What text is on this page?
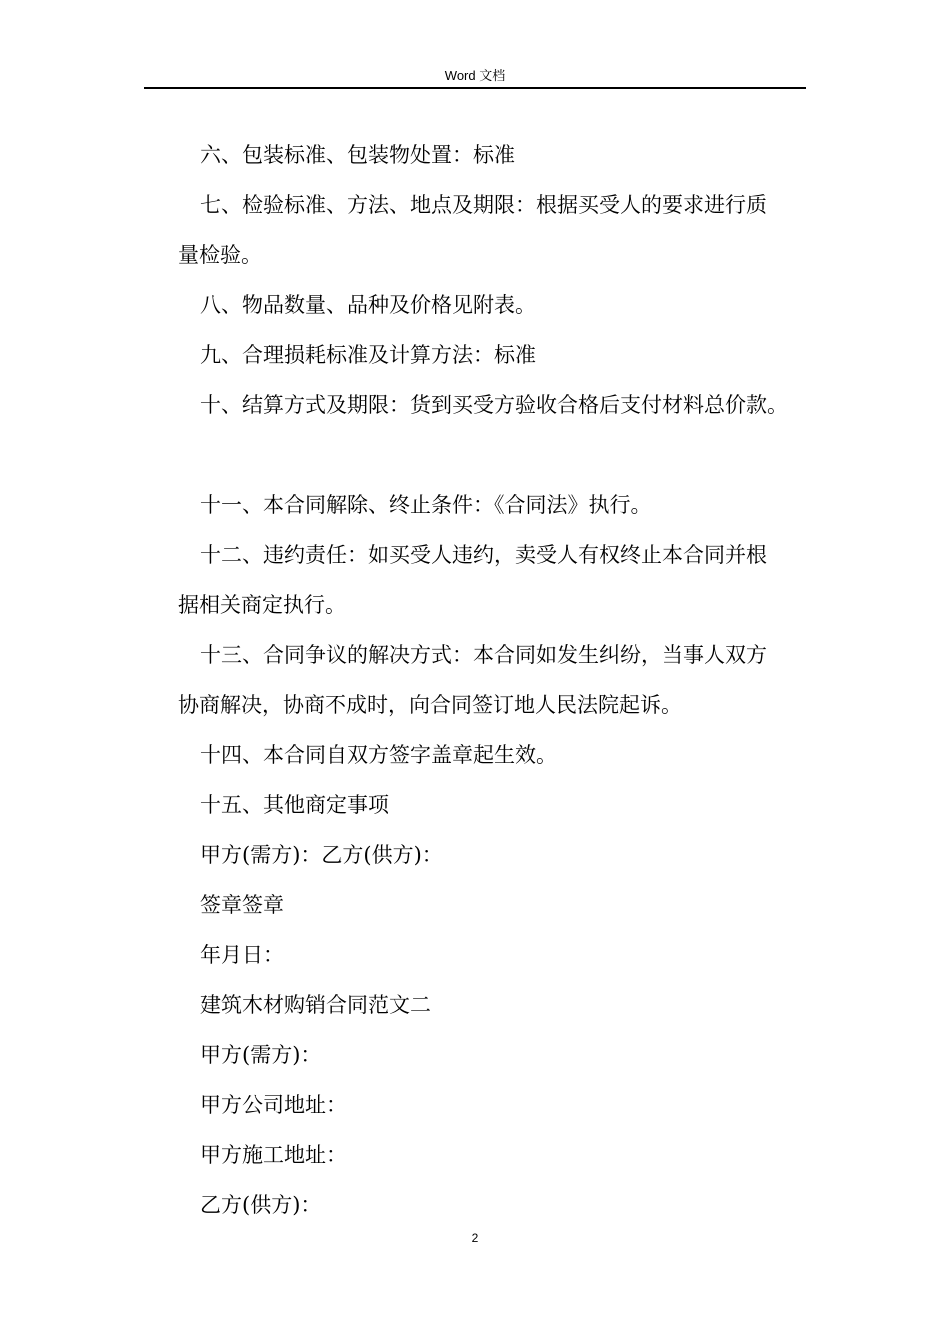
Word 文档

六、包装标准、包装物处置：标准

七、检验标准、方法、地点及期限：根据买受人的要求进行质

量检验。

八、物品数量、品种及价格见附表。

九、合理损耗标准及计算方法：标准

十、结算方式及期限：货到买受方验收合格后支付材料总价款。

十一、本合同解除、终止条件：《合同法》执行。

十二、违约责任：如买受人违约，卖受人有权终止本合同并根

据相关商定执行。

十三、合同争议的解决方式：本合同如发生纠纷，当事人双方

协商解决，协商不成时，向合同签订地人民法院起诉。

十四、本合同自双方签字盖章起生效。

十五、其他商定事项

甲方(需方)：乙方(供方)：

签章签章

年月日：

建筑木材购销合同范文二

甲方(需方)：

甲方公司地址：

甲方施工地址：

乙方(供方)：

2
